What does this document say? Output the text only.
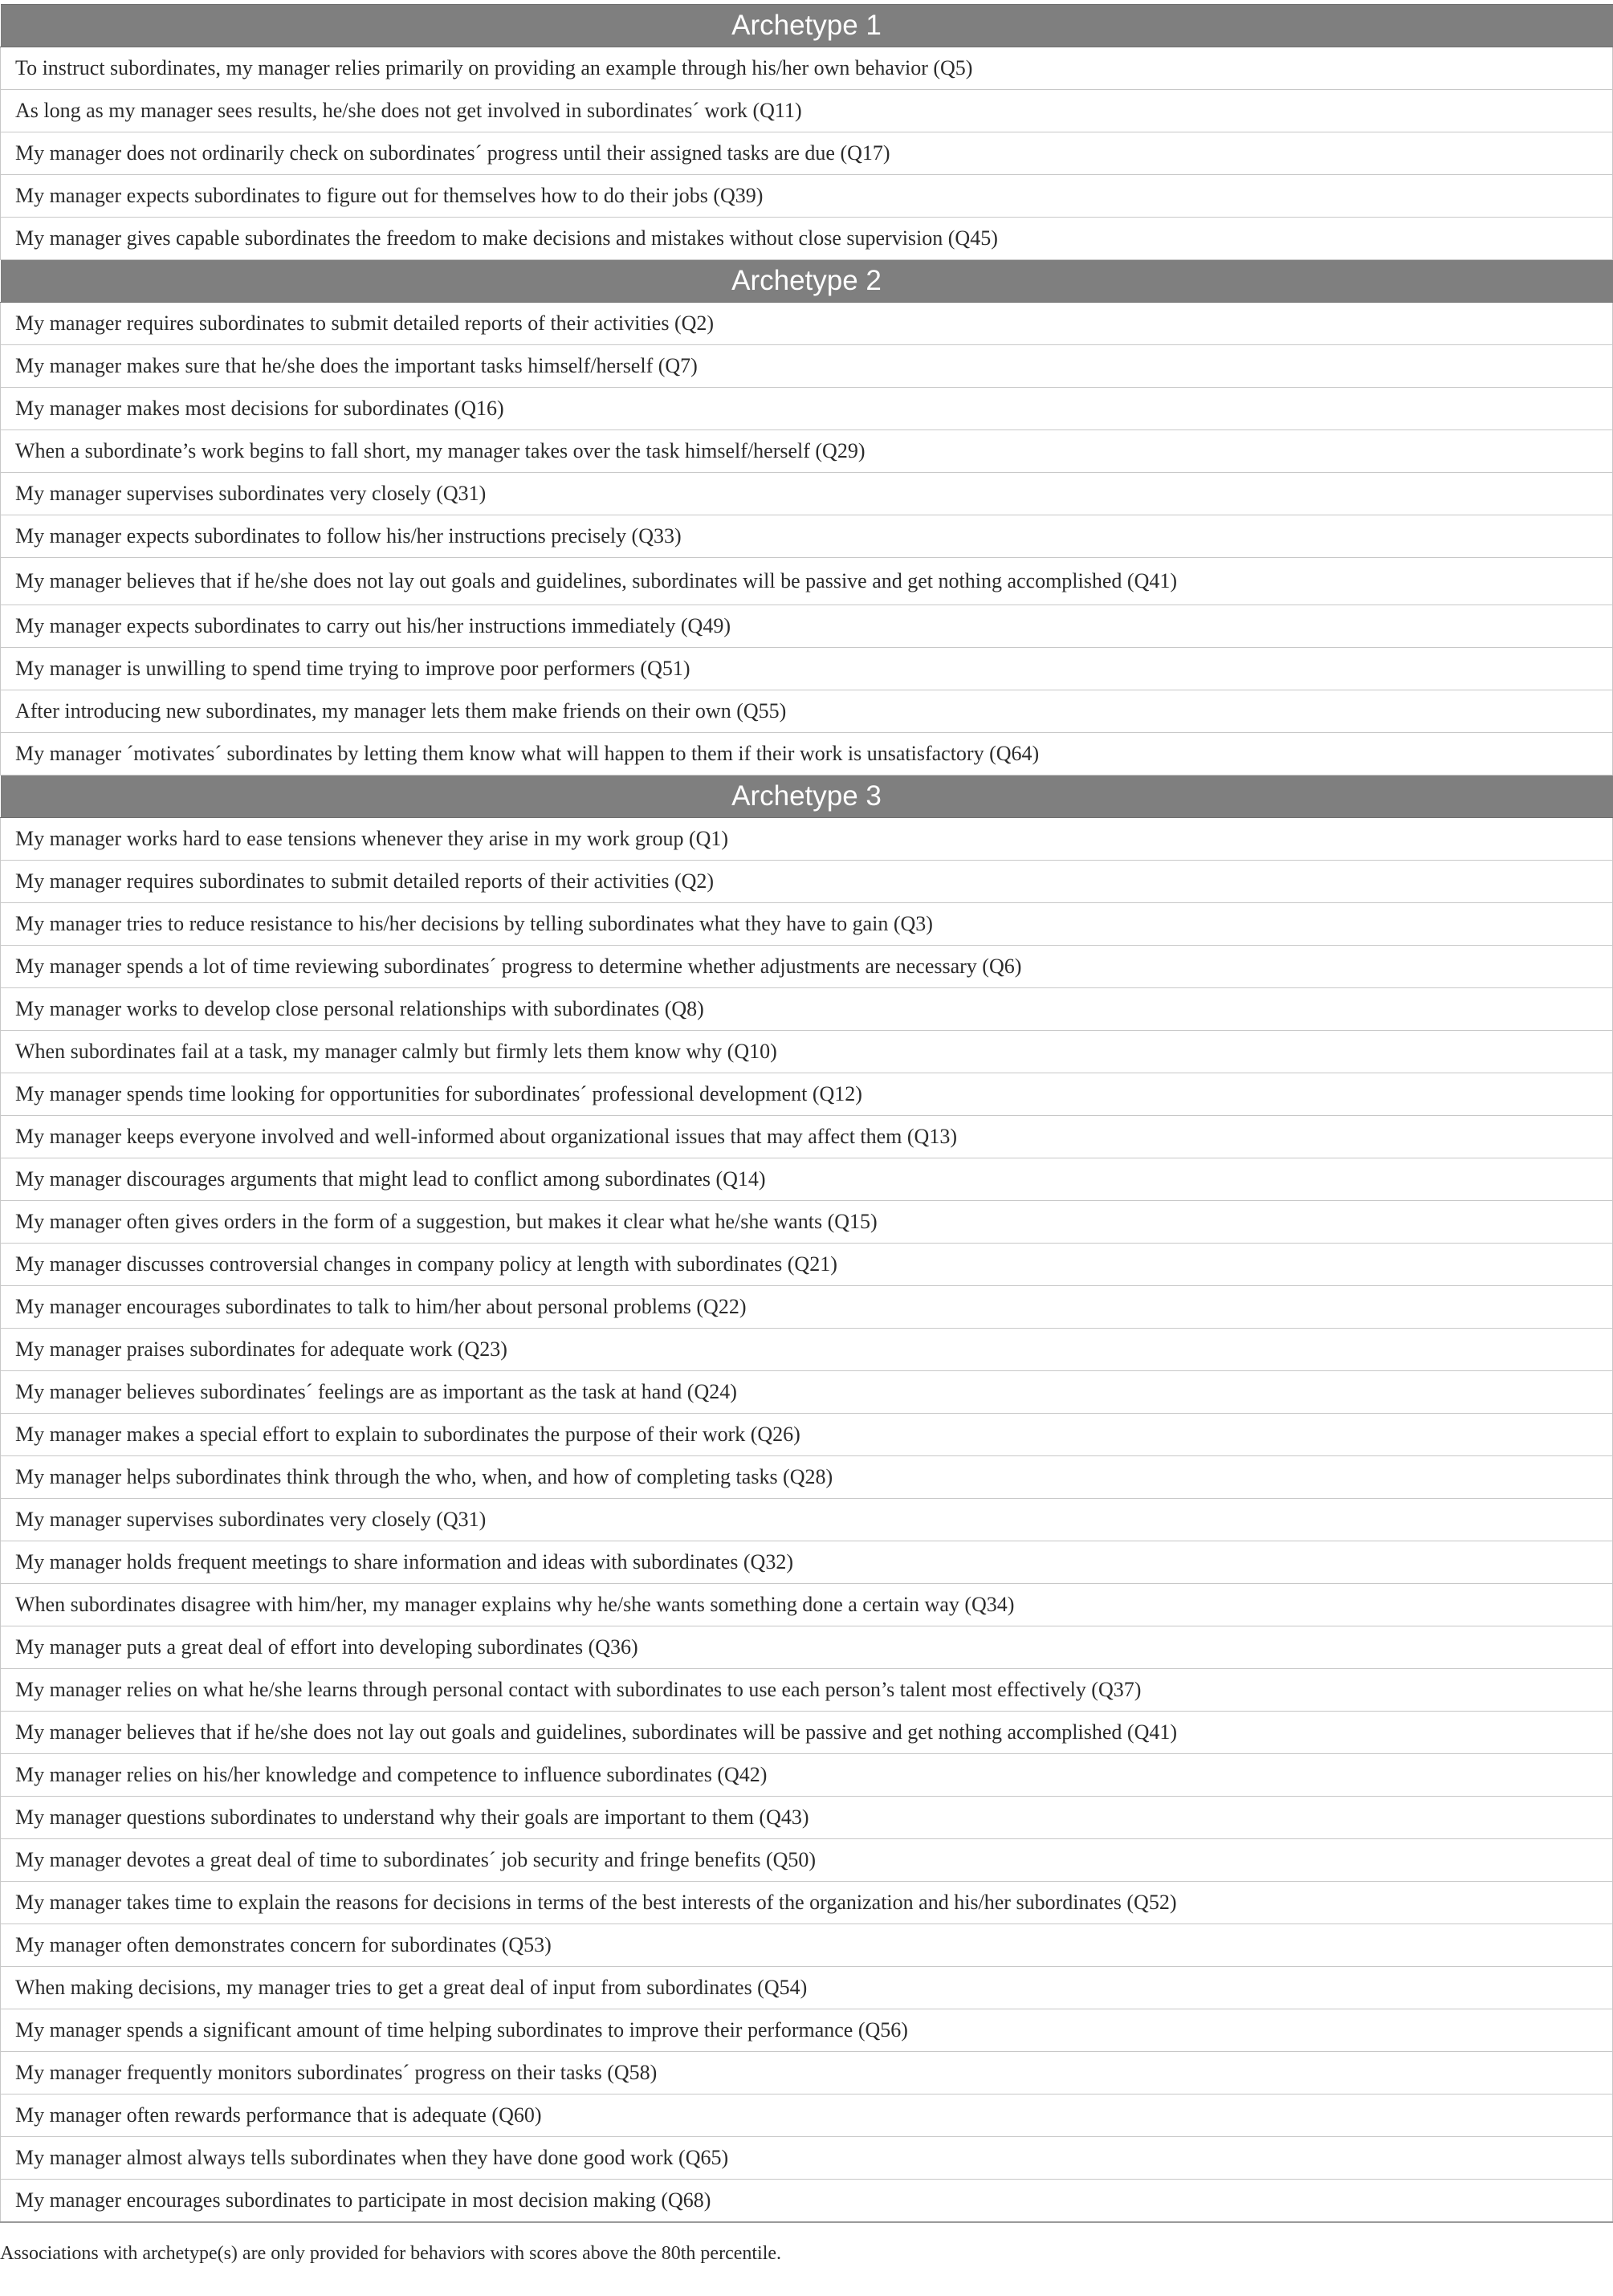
Archetype 1
To instruct subordinates, my manager relies primarily on providing an example through his/her own behavior (Q5)
As long as my manager sees results, he/she does not get involved in subordinates´ work (Q11)
My manager does not ordinarily check on subordinates´ progress until their assigned tasks are due (Q17)
My manager expects subordinates to figure out for themselves how to do their jobs (Q39)
My manager gives capable subordinates the freedom to make decisions and mistakes without close supervision (Q45)
Archetype 2
My manager requires subordinates to submit detailed reports of their activities (Q2)
My manager makes sure that he/she does the important tasks himself/herself (Q7)
My manager makes most decisions for subordinates (Q16)
When a subordinate’s work begins to fall short, my manager takes over the task himself/herself (Q29)
My manager supervises subordinates very closely (Q31)
My manager expects subordinates to follow his/her instructions precisely (Q33)
My manager believes that if he/she does not lay out goals and guidelines, subordinates will be passive and get nothing accomplished (Q41)
My manager expects subordinates to carry out his/her instructions immediately (Q49)
My manager is unwilling to spend time trying to improve poor performers (Q51)
After introducing new subordinates, my manager lets them make friends on their own (Q55)
My manager ´motivates´ subordinates by letting them know what will happen to them if their work is unsatisfactory (Q64)
Archetype 3
My manager works hard to ease tensions whenever they arise in my work group (Q1)
My manager requires subordinates to submit detailed reports of their activities (Q2)
My manager tries to reduce resistance to his/her decisions by telling subordinates what they have to gain (Q3)
My manager spends a lot of time reviewing subordinates´ progress to determine whether adjustments are necessary (Q6)
My manager works to develop close personal relationships with subordinates (Q8)
When subordinates fail at a task, my manager calmly but firmly lets them know why (Q10)
My manager spends time looking for opportunities for subordinates´ professional development (Q12)
My manager keeps everyone involved and well-informed about organizational issues that may affect them (Q13)
My manager discourages arguments that might lead to conflict among subordinates (Q14)
My manager often gives orders in the form of a suggestion, but makes it clear what he/she wants (Q15)
My manager discusses controversial changes in company policy at length with subordinates (Q21)
My manager encourages subordinates to talk to him/her about personal problems (Q22)
My manager praises subordinates for adequate work (Q23)
My manager believes subordinates´ feelings are as important as the task at hand (Q24)
My manager makes a special effort to explain to subordinates the purpose of their work (Q26)
My manager helps subordinates think through the who, when, and how of completing tasks (Q28)
My manager supervises subordinates very closely (Q31)
My manager holds frequent meetings to share information and ideas with subordinates (Q32)
When subordinates disagree with him/her, my manager explains why he/she wants something done a certain way (Q34)
My manager puts a great deal of effort into developing subordinates (Q36)
My manager relies on what he/she learns through personal contact with subordinates to use each person’s talent most effectively (Q37)
My manager believes that if he/she does not lay out goals and guidelines, subordinates will be passive and get nothing accomplished (Q41)
My manager relies on his/her knowledge and competence to influence subordinates (Q42)
My manager questions subordinates to understand why their goals are important to them (Q43)
My manager devotes a great deal of time to subordinates´ job security and fringe benefits (Q50)
My manager takes time to explain the reasons for decisions in terms of the best interests of the organization and his/her subordinates (Q52)
My manager often demonstrates concern for subordinates (Q53)
When making decisions, my manager tries to get a great deal of input from subordinates (Q54)
My manager spends a significant amount of time helping subordinates to improve their performance (Q56)
My manager frequently monitors subordinates´ progress on their tasks (Q58)
My manager often rewards performance that is adequate (Q60)
My manager almost always tells subordinates when they have done good work (Q65)
My manager encourages subordinates to participate in most decision making (Q68)
Associations with archetype(s) are only provided for behaviors with scores above the 80th percentile.
